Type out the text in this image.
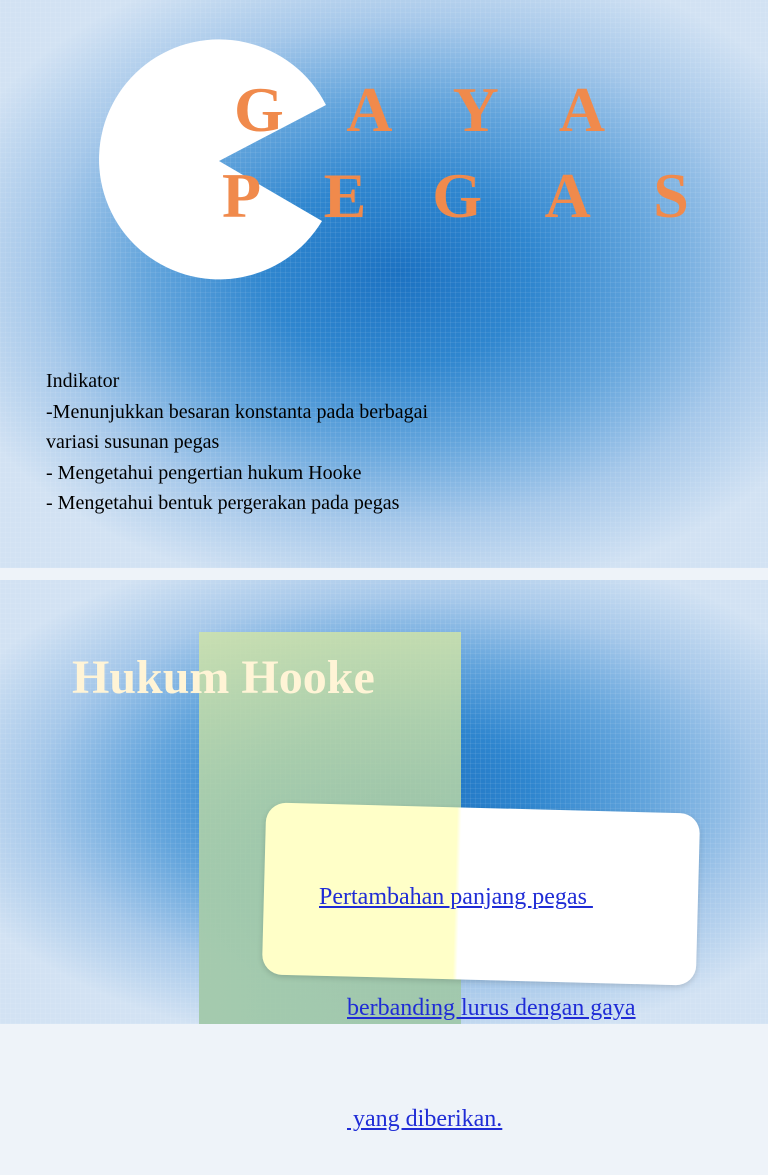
G A Y A
P E G A S

Indikator

-Menunjukkan besaran konstanta pada berbagai

variasi susunan pegas

- Mengetahui pengertian hukum Hooke

- Mengetahui bentuk pergerakan pada pegas

Hukum Hooke

Pertambahan panjang pegas

berbanding lurus dengan gaya

yang diberikan.
